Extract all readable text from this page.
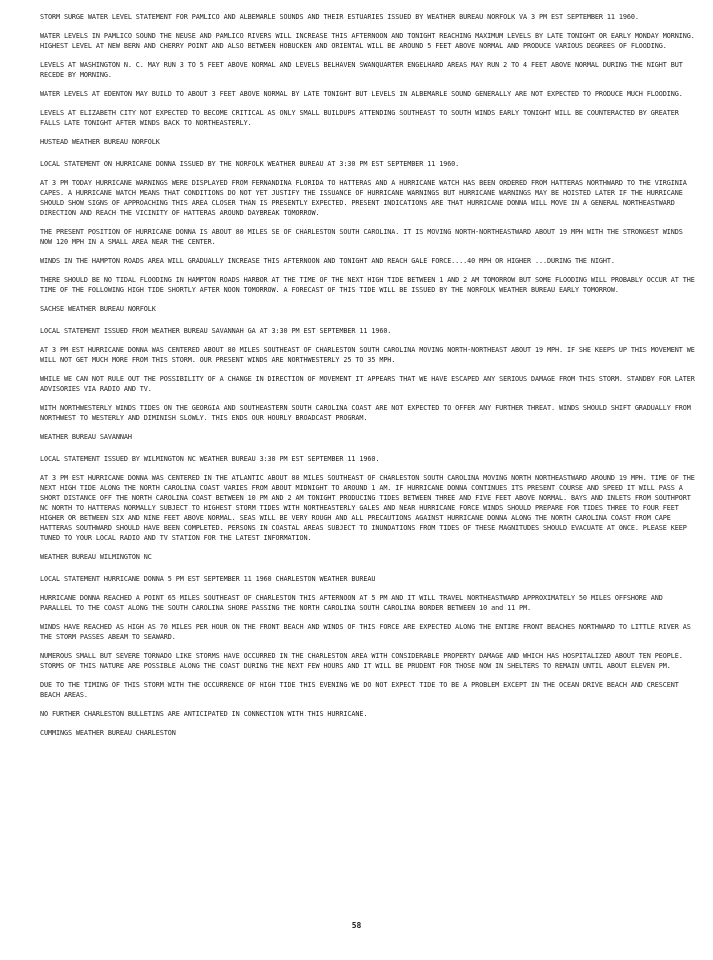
STORM SURGE WATER LEVEL STATEMENT FOR PAMLICO AND ALBEMARLE SOUNDS AND THEIR ESTUARIES ISSUED BY WEATHER BUREAU NORFOLK VA 3 PM EST SEPTEMBER 11 1960.

WATER LEVELS IN PAMLICO SOUND THE NEUSE AND PAMLICO RIVERS WILL INCREASE THIS AFTERNOON AND TONIGHT REACHING MAXIMUM LEVELS BY LATE TONIGHT OR EARLY MONDAY MORNING. HIGHEST LEVEL AT NEW BERN AND CHERRY POINT AND ALSO BETWEEN HOBUCKEN AND ORIENTAL WILL BE AROUND 5 FEET ABOVE NORMAL AND PRODUCE VARIOUS DEGREES OF FLOODING.

LEVELS AT WASHINGTON N. C. MAY RUN 3 TO 5 FEET ABOVE NORMAL AND LEVELS BELHAVEN SWANQUARTER ENGELHARD AREAS MAY RUN 2 TO 4 FEET ABOVE NORMAL DURING THE NIGHT BUT RECEDE BY MORNING.

WATER LEVELS AT EDENTON MAY BUILD TO ABOUT 3 FEET ABOVE NORMAL BY LATE TONIGHT BUT LEVELS IN ALBEMARLE SOUND GENERALLY ARE NOT EXPECTED TO PRODUCE MUCH FLOODING.

LEVELS AT ELIZABETH CITY NOT EXPECTED TO BECOME CRITICAL AS ONLY SMALL BUILDUPS ATTENDING SOUTHEAST TO SOUTH WINDS EARLY TONIGHT WILL BE COUNTERACTED BY GREATER FALLS LATE TONIGHT AFTER WINDS BACK TO NORTHEASTERLY.

HUSTEAD WEATHER BUREAU NORFOLK

LOCAL STATEMENT ON HURRICANE DONNA ISSUED BY THE NORFOLK WEATHER BUREAU AT 3:30 PM EST SEPTEMBER 11 1960.

AT 3 PM TODAY HURRICANE WARNINGS WERE DISPLAYED FROM FERNANDINA FLORIDA TO HATTERAS AND A HURRICANE WATCH HAS BEEN ORDERED FROM HATTERAS NORTHWARD TO THE VIRGINIA CAPES. A HURRICANE WATCH MEANS THAT CONDITIONS DO NOT YET JUSTIFY THE ISSUANCE OF HURRICANE WARNINGS BUT HURRICANE WARNINGS MAY BE HOISTED LATER IF THE HURRICANE SHOULD SHOW SIGNS OF APPROACHING THIS AREA CLOSER THAN IS PRESENTLY EXPECTED. PRESENT INDICATIONS ARE THAT HURRICANE DONNA WILL MOVE IN A GENERAL NORTHEASTWARD DIRECTION AND REACH THE VICINITY OF HATTERAS AROUND DAYBREAK TOMORROW.

THE PRESENT POSITION OF HURRICANE DONNA IS ABOUT 80 MILES SE OF CHARLESTON SOUTH CAROLINA. IT IS MOVING NORTH-NORTHEASTWARD ABOUT 19 MPH WITH THE STRONGEST WINDS NOW 120 MPH IN A SMALL AREA NEAR THE CENTER.

WINDS IN THE HAMPTON ROADS AREA WILL GRADUALLY INCREASE THIS AFTERNOON AND TONIGHT AND REACH GALE FORCE....40 MPH OR HIGHER ...DURING THE NIGHT.

THERE SHOULD BE NO TIDAL FLOODING IN HAMPTON ROADS HARBOR AT THE TIME OF THE NEXT HIGH TIDE BETWEEN 1 AND 2 AM TOMORROW BUT SOME FLOODING WILL PROBABLY OCCUR AT THE TIME OF THE FOLLOWING HIGH TIDE SHORTLY AFTER NOON TOMORROW. A FORECAST OF THIS TIDE WILL BE ISSUED BY THE NORFOLK WEATHER BUREAU EARLY TOMORROW.

SACHSE WEATHER BUREAU NORFOLK

LOCAL STATEMENT ISSUED FROM WEATHER BUREAU SAVANNAH GA AT 3:30 PM EST SEPTEMBER 11 1960.

AT 3 PM EST HURRICANE DONNA WAS CENTERED ABOUT 80 MILES SOUTHEAST OF CHARLESTON SOUTH CAROLINA MOVING NORTH-NORTHEAST ABOUT 19 MPH. IF SHE KEEPS UP THIS MOVEMENT WE WILL NOT GET MUCH MORE FROM THIS STORM. OUR PRESENT WINDS ARE NORTHWESTERLY 25 TO 35 MPH.

WHILE WE CAN NOT RULE OUT THE POSSIBILITY OF A CHANGE IN DIRECTION OF MOVEMENT IT APPEARS THAT WE HAVE ESCAPED ANY SERIOUS DAMAGE FROM THIS STORM. STANDBY FOR LATER ADVISORIES VIA RADIO AND TV.

WITH NORTHWESTERLY WINDS TIDES ON THE GEORGIA AND SOUTHEASTERN SOUTH CAROLINA COAST ARE NOT EXPECTED TO OFFER ANY FURTHER THREAT. WINDS SHOULD SHIFT GRADUALLY FROM NORTHWEST TO WESTERLY AND DIMINISH SLOWLY. THIS ENDS OUR HOURLY BROADCAST PROGRAM.

WEATHER BUREAU SAVANNAH

LOCAL STATEMENT ISSUED BY WILMINGTON NC WEATHER BUREAU 3:30 PM EST SEPTEMBER 11 1960.

AT 3 PM EST HURRICANE DONNA WAS CENTERED IN THE ATLANTIC ABOUT 80 MILES SOUTHEAST OF CHARLESTON SOUTH CAROLINA MOVING NORTH NORTHEASTWARD AROUND 19 MPH. TIME OF THE NEXT HIGH TIDE ALONG THE NORTH CAROLINA COAST VARIES FROM ABOUT MIDNIGHT TO AROUND 1 AM. IF HURRICANE DONNA CONTINUES ITS PRESENT COURSE AND SPEED IT WILL PASS A SHORT DISTANCE OFF THE NORTH CAROLINA COAST BETWEEN 10 PM AND 2 AM TONIGHT PRODUCING TIDES BETWEEN THREE AND FIVE FEET ABOVE NORMAL. BAYS AND INLETS FROM SOUTHPORT NC NORTH TO HATTERAS NORMALLY SUBJECT TO HIGHEST STORM TIDES WITH NORTHEASTERLY GALES AND NEAR HURRICANE FORCE WINDS SHOULD PREPARE FOR TIDES THREE TO FOUR FEET HIGHER OR BETWEEN SIX AND NINE FEET ABOVE NORMAL. SEAS WILL BE VERY ROUGH AND ALL PRECAUTIONS AGAINST HURRICANE DONNA ALONG THE NORTH CAROLINA COAST FROM CAPE HATTERAS SOUTHWARD SHOULD HAVE BEEN COMPLETED. PERSONS IN COASTAL AREAS SUBJECT TO INUNDATIONS FROM TIDES OF THESE MAGNITUDES SHOULD EVACUATE AT ONCE. PLEASE KEEP TUNED TO YOUR LOCAL RADIO AND TV STATION FOR THE LATEST INFORMATION.

WEATHER BUREAU WILMINGTON NC

LOCAL STATEMENT HURRICANE DONNA 5 PM EST SEPTEMBER 11 1960 CHARLESTON WEATHER BUREAU

HURRICANE DONNA REACHED A POINT 65 MILES SOUTHEAST OF CHARLESTON THIS AFTERNOON AT 5 PM AND IT WILL TRAVEL NORTHEASTWARD APPROXIMATELY 50 MILES OFFSHORE AND PARALLEL TO THE COAST ALONG THE SOUTH CAROLINA SHORE PASSING THE NORTH CAROLINA SOUTH CAROLINA BORDER BETWEEN 10 and 11 PM.

WINDS HAVE REACHED AS HIGH AS 70 MILES PER HOUR ON THE FRONT BEACH AND WINDS OF THIS FORCE ARE EXPECTED ALONG THE ENTIRE FRONT BEACHES NORTHWARD TO LITTLE RIVER AS THE STORM PASSES ABEAM TO SEAWARD.

NUMEROUS SMALL BUT SEVERE TORNADO LIKE STORMS HAVE OCCURRED IN THE CHARLESTON AREA WITH CONSIDERABLE PROPERTY DAMAGE AND WHICH HAS HOSPITALIZED ABOUT TEN PEOPLE. STORMS OF THIS NATURE ARE POSSIBLE ALONG THE COAST DURING THE NEXT FEW HOURS AND IT WILL BE PRUDENT FOR THOSE NOW IN SHELTERS TO REMAIN UNTIL ABOUT ELEVEN PM.

DUE TO THE TIMING OF THIS STORM WITH THE OCCURRENCE OF HIGH TIDE THIS EVENING WE DO NOT EXPECT TIDE TO BE A PROBLEM EXCEPT IN THE OCEAN DRIVE BEACH AND CRESCENT BEACH AREAS.

NO FURTHER CHARLESTON BULLETINS ARE ANTICIPATED IN CONNECTION WITH THIS HURRICANE.

CUMMINGS WEATHER BUREAU CHARLESTON

58
